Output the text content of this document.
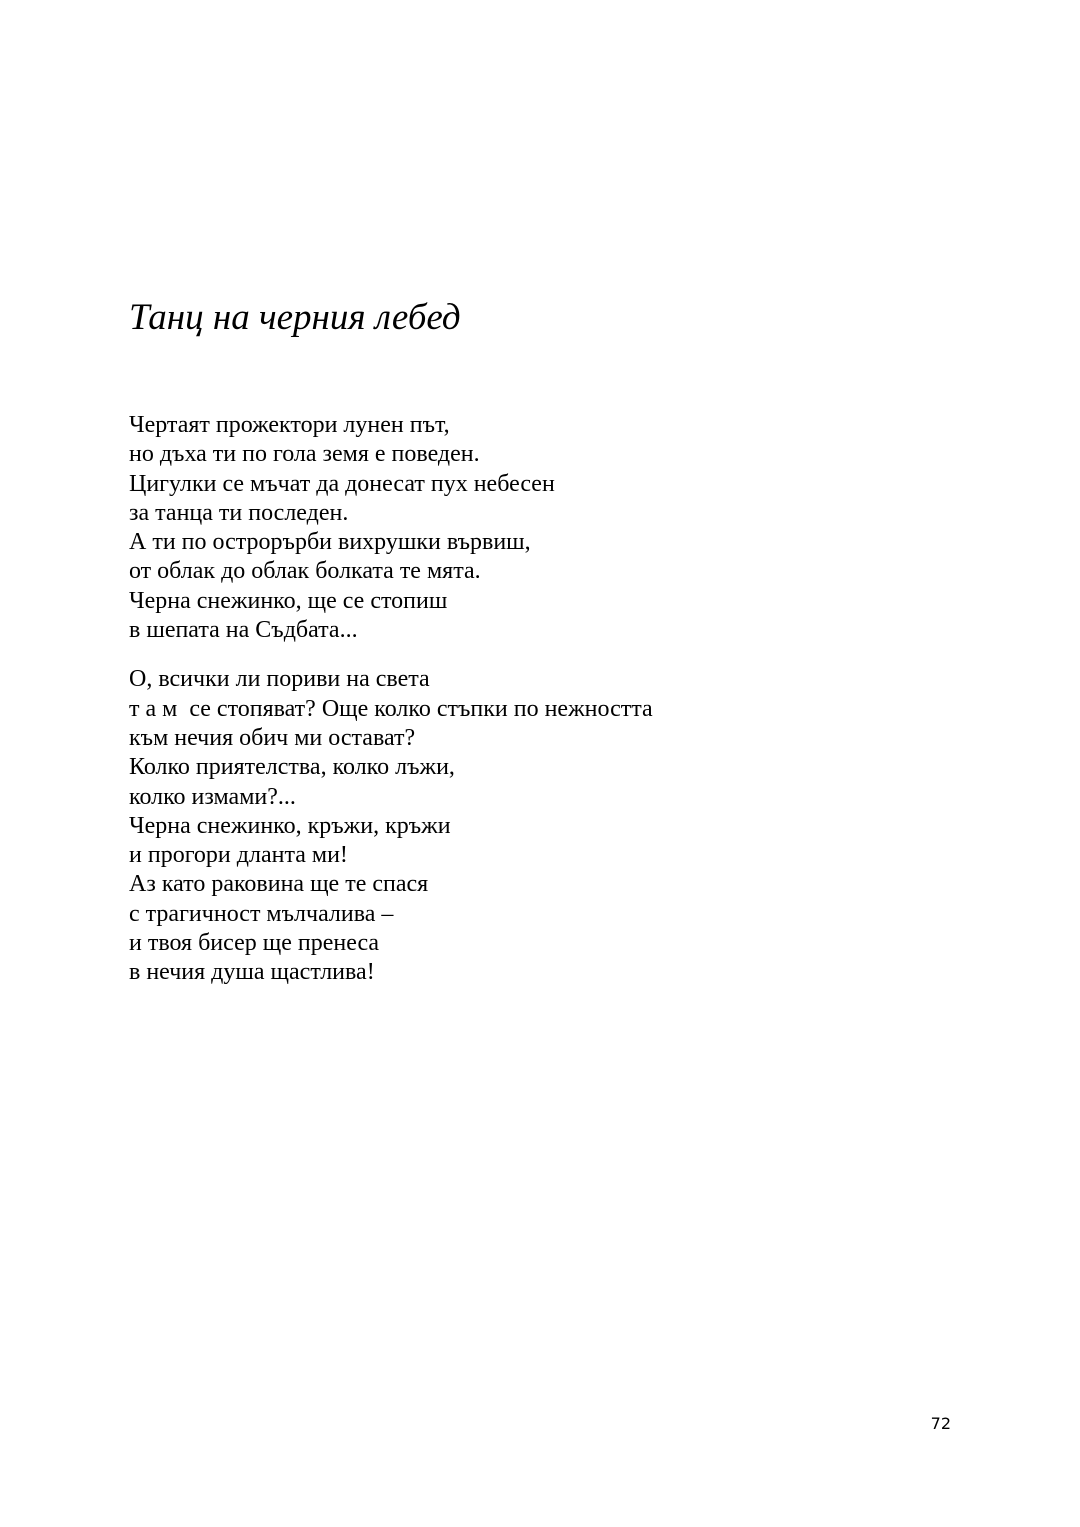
Танц на черния лебед

Чертаят прожектори лунен път,
но дъха ти по гола земя е поведен.
Цигулки се мъчат да донесат пух небесен
за танца ти последен.
А ти по острорърби вихрушки вървиш,
от облак до облак болката те мята.
Черна снежинко, ще се стопиш
в шепата на Съдбата...

О, всички ли пориви на света
т а м  се стопяват? Още колко стъпки по нежността
към нечия обич ми остават?
Колко приятелства, колко лъжи,
колко измами?...
Черна снежинко, кръжи, кръжи
и прогори дланта ми!
Аз като раковина ще те спася
с трагичност мълчалива –
и твоя бисер ще пренеса
в нечия душа щастлива!

72
